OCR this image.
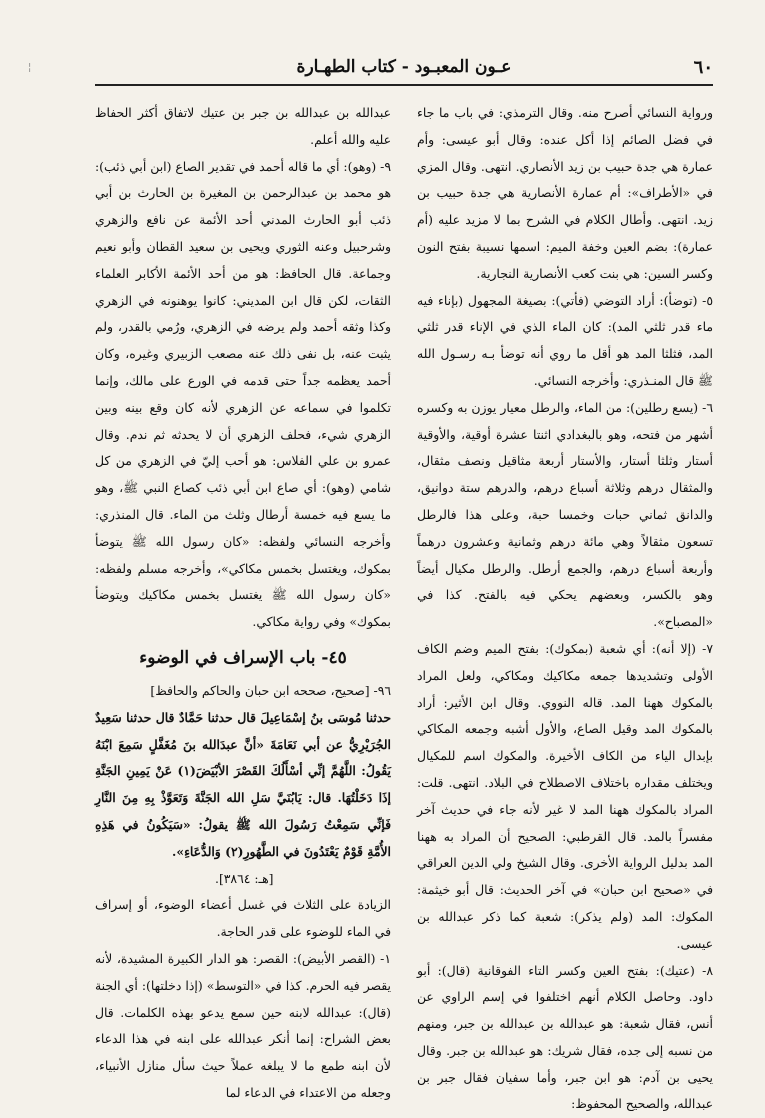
¦	٦٠
عـون المعبـود - كتاب الطهـارة

ورواية النسائي أصرح منه. وقال الترمذي: في باب ما جاء في فضل الصائم إذا أكل عنده: وقال أبو عيسى: وأم عمارة هي جدة حبيب بن زيد الأنصاري. انتهى. وقال المزي في «الأطراف»: أم عمارة الأنصارية هي جدة حبيب بن زيد. انتهى. وأطال الكلام في الشرح بما لا مزيد عليه (أم عمارة): بضم العين وخفة الميم: اسمها نسيبة بفتح النون وكسر السين: هي بنت كعب الأنصارية النجارية.

٥- (توضأ): أراد التوضي (فأتي): بصيغة المجهول (بإناء فيه ماء قدر ثلثي المد): كان الماء الذي في الإناء قدر ثلثي المد، فثلثا المد هو أقل ما روي أنه توضأ بـه رسـول الله ﷺ قال المنـذري: وأخرجه النسائي.

٦- (يسع رطلين): من الماء، والرطل معيار يوزن به وكسره أشهر من فتحه، وهو بالبغدادي اثنتا عشرة أوقية، والأوقية أستار وثلثا أستار، والأستار أربعة مثاقيل ونصف مثقال، والمثقال درهم وثلاثة أسباع درهم، والدرهم ستة دوانيق، والدانق ثماني حبات وخمسا حبة، وعلى هذا فالرطل تسعون مثقالاً وهي مائة درهم وثمانية وعشرون درهماً وأربعة أسباع درهم، والجمع أرطل. والرطل مكيال أيضاً وهو بالكسر، وبعضهم يحكي فيه بالفتح. كذا في «المصباح».

٧- (إلا أنه): أي شعبة (بمكوك): بفتح الميم وضم الكاف الأولى وتشديدها جمعه مكاكيك ومكاكي، ولعل المراد بالمكوك ههنا المد. قاله النووي. وقال ابن الأثير: أراد بالمكوك المد وقيل الصاع، والأول أشبه وجمعه المكاكي بإبدال الياء من الكاف الأخيرة. والمكوك اسم للمكيال ويختلف مقداره باختلاف الاصطلاح في البلاد. انتهى. قلت: المراد بالمكوك ههنا المد لا غير لأنه جاء في حديث آخر مفسراً بالمد. قال القرطبي: الصحيح أن المراد به ههنا المد بدليل الرواية الأخرى. وقال الشيخ ولي الدين العراقي في «صحيح ابن حبان» في آخر الحديث: قال أبو خيثمة: المكوك: المد (ولم يذكر): شعبة كما ذكر عبدالله بن عيسى.

٨- (عتيك): بفتح العين وكسر التاء الفوقانية (قال): أبو داود. وحاصل الكلام أنهم اختلفوا في إسم الراوي عن أنس، فقال شعبة: هو عبدالله بن عبدالله بن جبر، ومنهم من نسبه إلى جده، فقال شريك: هو عبدالله بن جبر. وقال يحيى بن آدم: هو ابن جبر، وأما سفيان فقال جبر بن عبدالله، والصحيح المحفوظ:

عبدالله بن عبدالله بن جبر بن عتيك لاتفاق أكثر الحفاظ عليه والله أعلم.

٩- (وهو): أي ما قاله أحمد في تقدير الصاع (ابن أبي ذئب): هو محمد بن عبدالرحمن بن المغيرة بن الحارث بن أبي ذئب أبو الحارث المدني أحد الأئمة عن نافع والزهري وشرحبيل وعنه الثوري ويحيى بن سعيد القطان وأبو نعيم وجماعة. قال الحافظ: هو من أحد الأئمة الأكابر العلماء الثقات، لكن قال ابن المديني: كانوا يوهنونه في الزهري وكذا وثقه أحمد ولم يرضه في الزهري، ورُمي بالقدر، ولم يثبت عنه، بل نفى ذلك عنه مصعب الزبيري وغيره، وكان أحمد يعظمه جداً حتى قدمه في الورع على مالك، وإنما تكلموا في سماعه عن الزهري لأنه كان وقع بينه وبين الزهري شيء، فحلف الزهري أن لا يحدثه ثم ندم. وقال عمرو بن علي الفلاس: هو أحب إليّ في الزهري من كل شامي (وهو): أي صاع ابن أبي ذئب كصاع النبي ﷺ، وهو ما يسع فيه خمسة أرطال وثلث من الماء. قال المنذري: وأخرجه النسائي ولفظه: «كان رسول الله ﷺ يتوضأ بمكوك، ويغتسل بخمس مكاكي»، وأخرجه مسلم ولفظه: «كان رسول الله ﷺ يغتسل بخمس مكاكيك ويتوضأ بمكوك» وفي رواية مكاكي.

٤٥- باب الإسراف في الوضوء

٩٦- [صحيح، صححه ابن حبان والحاكم والحافظ]

حدثنا مُوسَى بنُ إسْمَاعِيلَ قال حدثنا حَمَّادٌ قال حدثنا سَعِيدٌ الجُرَيْرِيُّ عن أبي نَعَامَةَ «أنَّ عبدَالله بنَ مُغَفَّلٍ سَمِعَ ابْنَهُ يَقُولُ: اللَّهُمَّ إنِّي أسْأَلُكَ القَصْرَ الأبْيَضَ(١) عَنْ يَمِينِ الجَنَّةِ إذَا دَخَلْتُهَا. قال: يَابُنَيَّ سَلِ الله الجَنَّةَ وَتَعَوَّذْ بِهِ مِنَ النَّارِ فَإنِّي سَمِعْتُ رَسُولَ الله ﷺ يقولُ: «سَيَكُونُ في هَذِهِ الأُمَّةِ قَوْمٌ يَعْتَدُونَ في الطَّهُورِ(٢) وَالدُّعَاءِ».

[هـ: ٣٨٦٤].

الزيادة على الثلاث في غسل أعضاء الوضوء، أو إسراف في الماء للوضوء على قدر الحاجة.

١- (القصر الأبيض): القصر: هو الدار الكبيرة المشيدة، لأنه يقصر فيه الحرم. كذا في «التوسط» (إذا دخلتها): أي الجنة (قال): عبدالله لابنه حين سمع يدعو بهذه الكلمات. قال بعض الشراح: إنما أنكر عبدالله على ابنه في هذا الدعاء لأن ابنه طمع ما لا يبلغه عملاً حيث سأل منازل الأنبياء، وجعله من الاعتداء في الدعاء لما
